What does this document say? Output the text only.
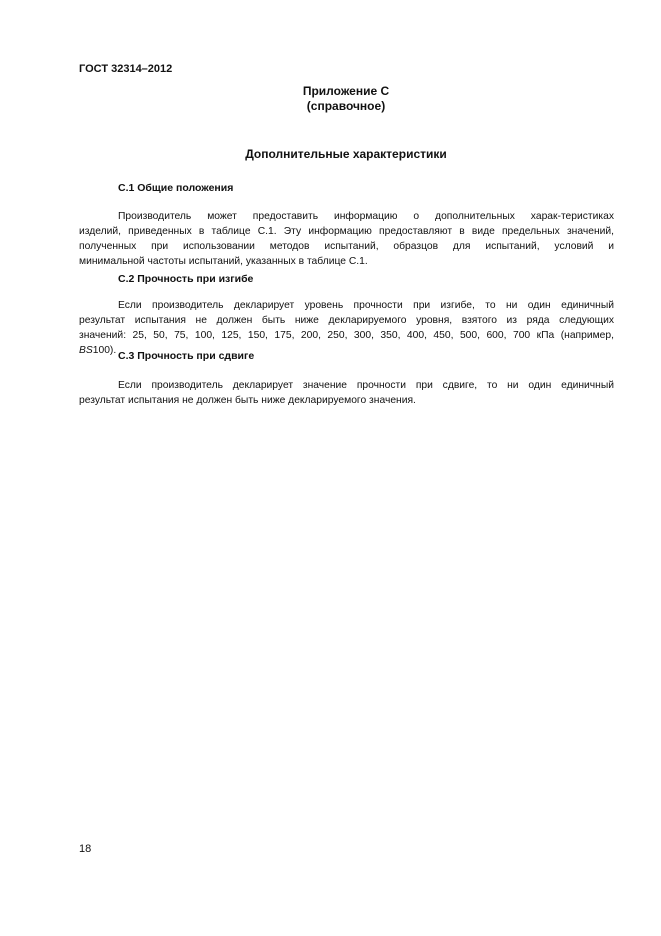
ГОСТ 32314–2012
Приложение С
(справочное)
Дополнительные характеристики
С.1 Общие положения
Производитель может предоставить информацию о дополнительных харак-теристиках
изделий, приведенных в таблице С.1. Эту информацию предоставляют в виде предельных значений,
полученных при использовании методов испытаний, образцов для испытаний, условий и
минимальной частоты испытаний, указанных в таблице С.1.
С.2 Прочность при изгибе
Если производитель декларирует уровень прочности при изгибе, то ни один единичный
результат испытания не должен быть ниже декларируемого уровня, взятого из ряда следующих
значений: 25, 50, 75, 100, 125, 150, 175, 200, 250, 300, 350, 400, 450, 500, 600, 700 кПа (например,
BS100). С.3 Прочность при сдвиге
Если производитель декларирует значение прочности при сдвиге, то ни один единичный
результат испытания не должен быть ниже декларируемого значения.
18
